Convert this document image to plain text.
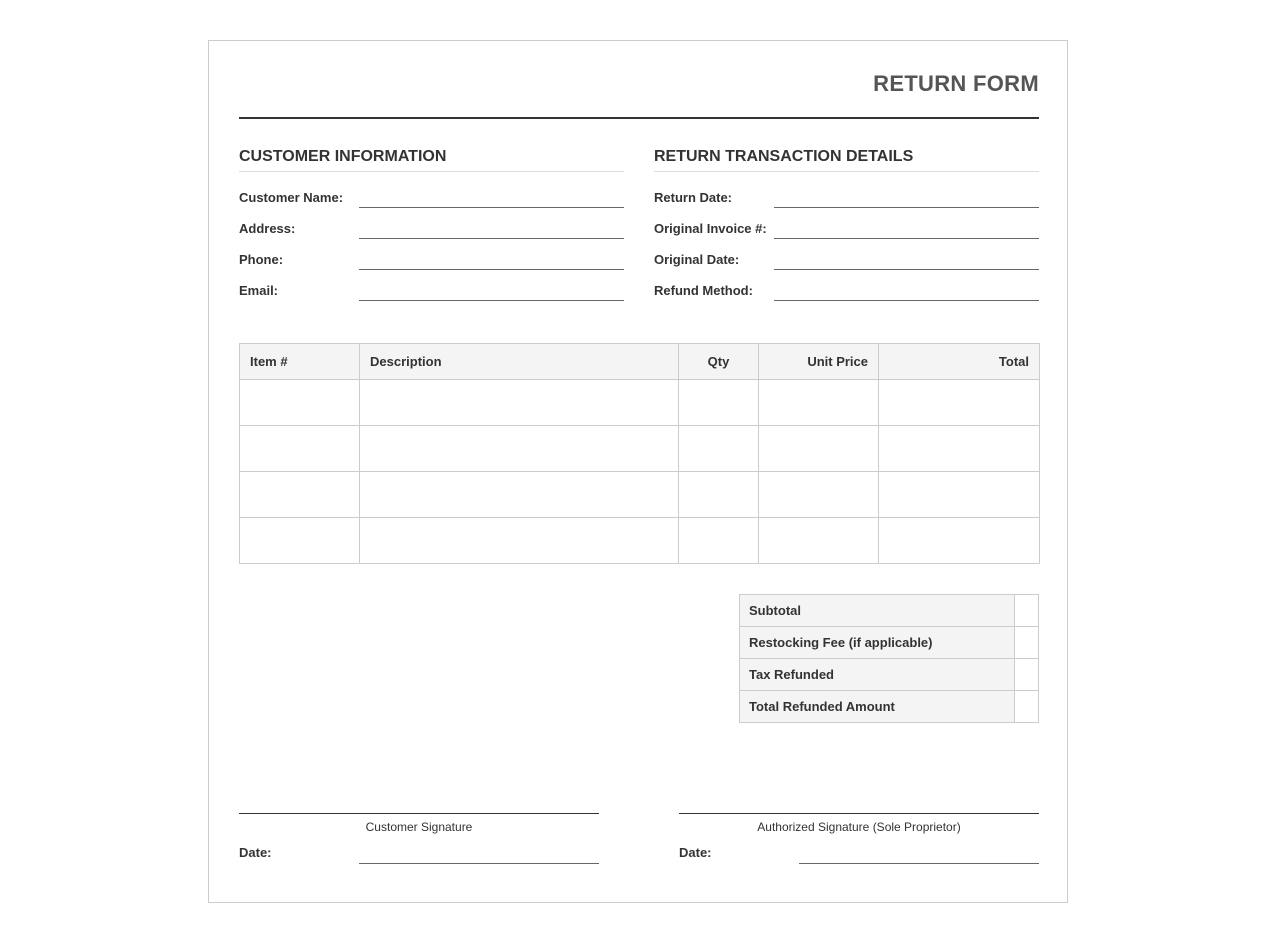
RETURN FORM
CUSTOMER INFORMATION
Customer Name:
Address:
Phone:
Email:
RETURN TRANSACTION DETAILS
Return Date:
Original Invoice #:
Original Date:
Refund Method:
Item #	Description	Qty	Unit Price	Total

Subtotal	
Restocking Fee (if applicable)	
Tax Refunded	
Total Refunded Amount	
Customer Signature
Date:
Authorized Signature (Sole Proprietor)
Date:
